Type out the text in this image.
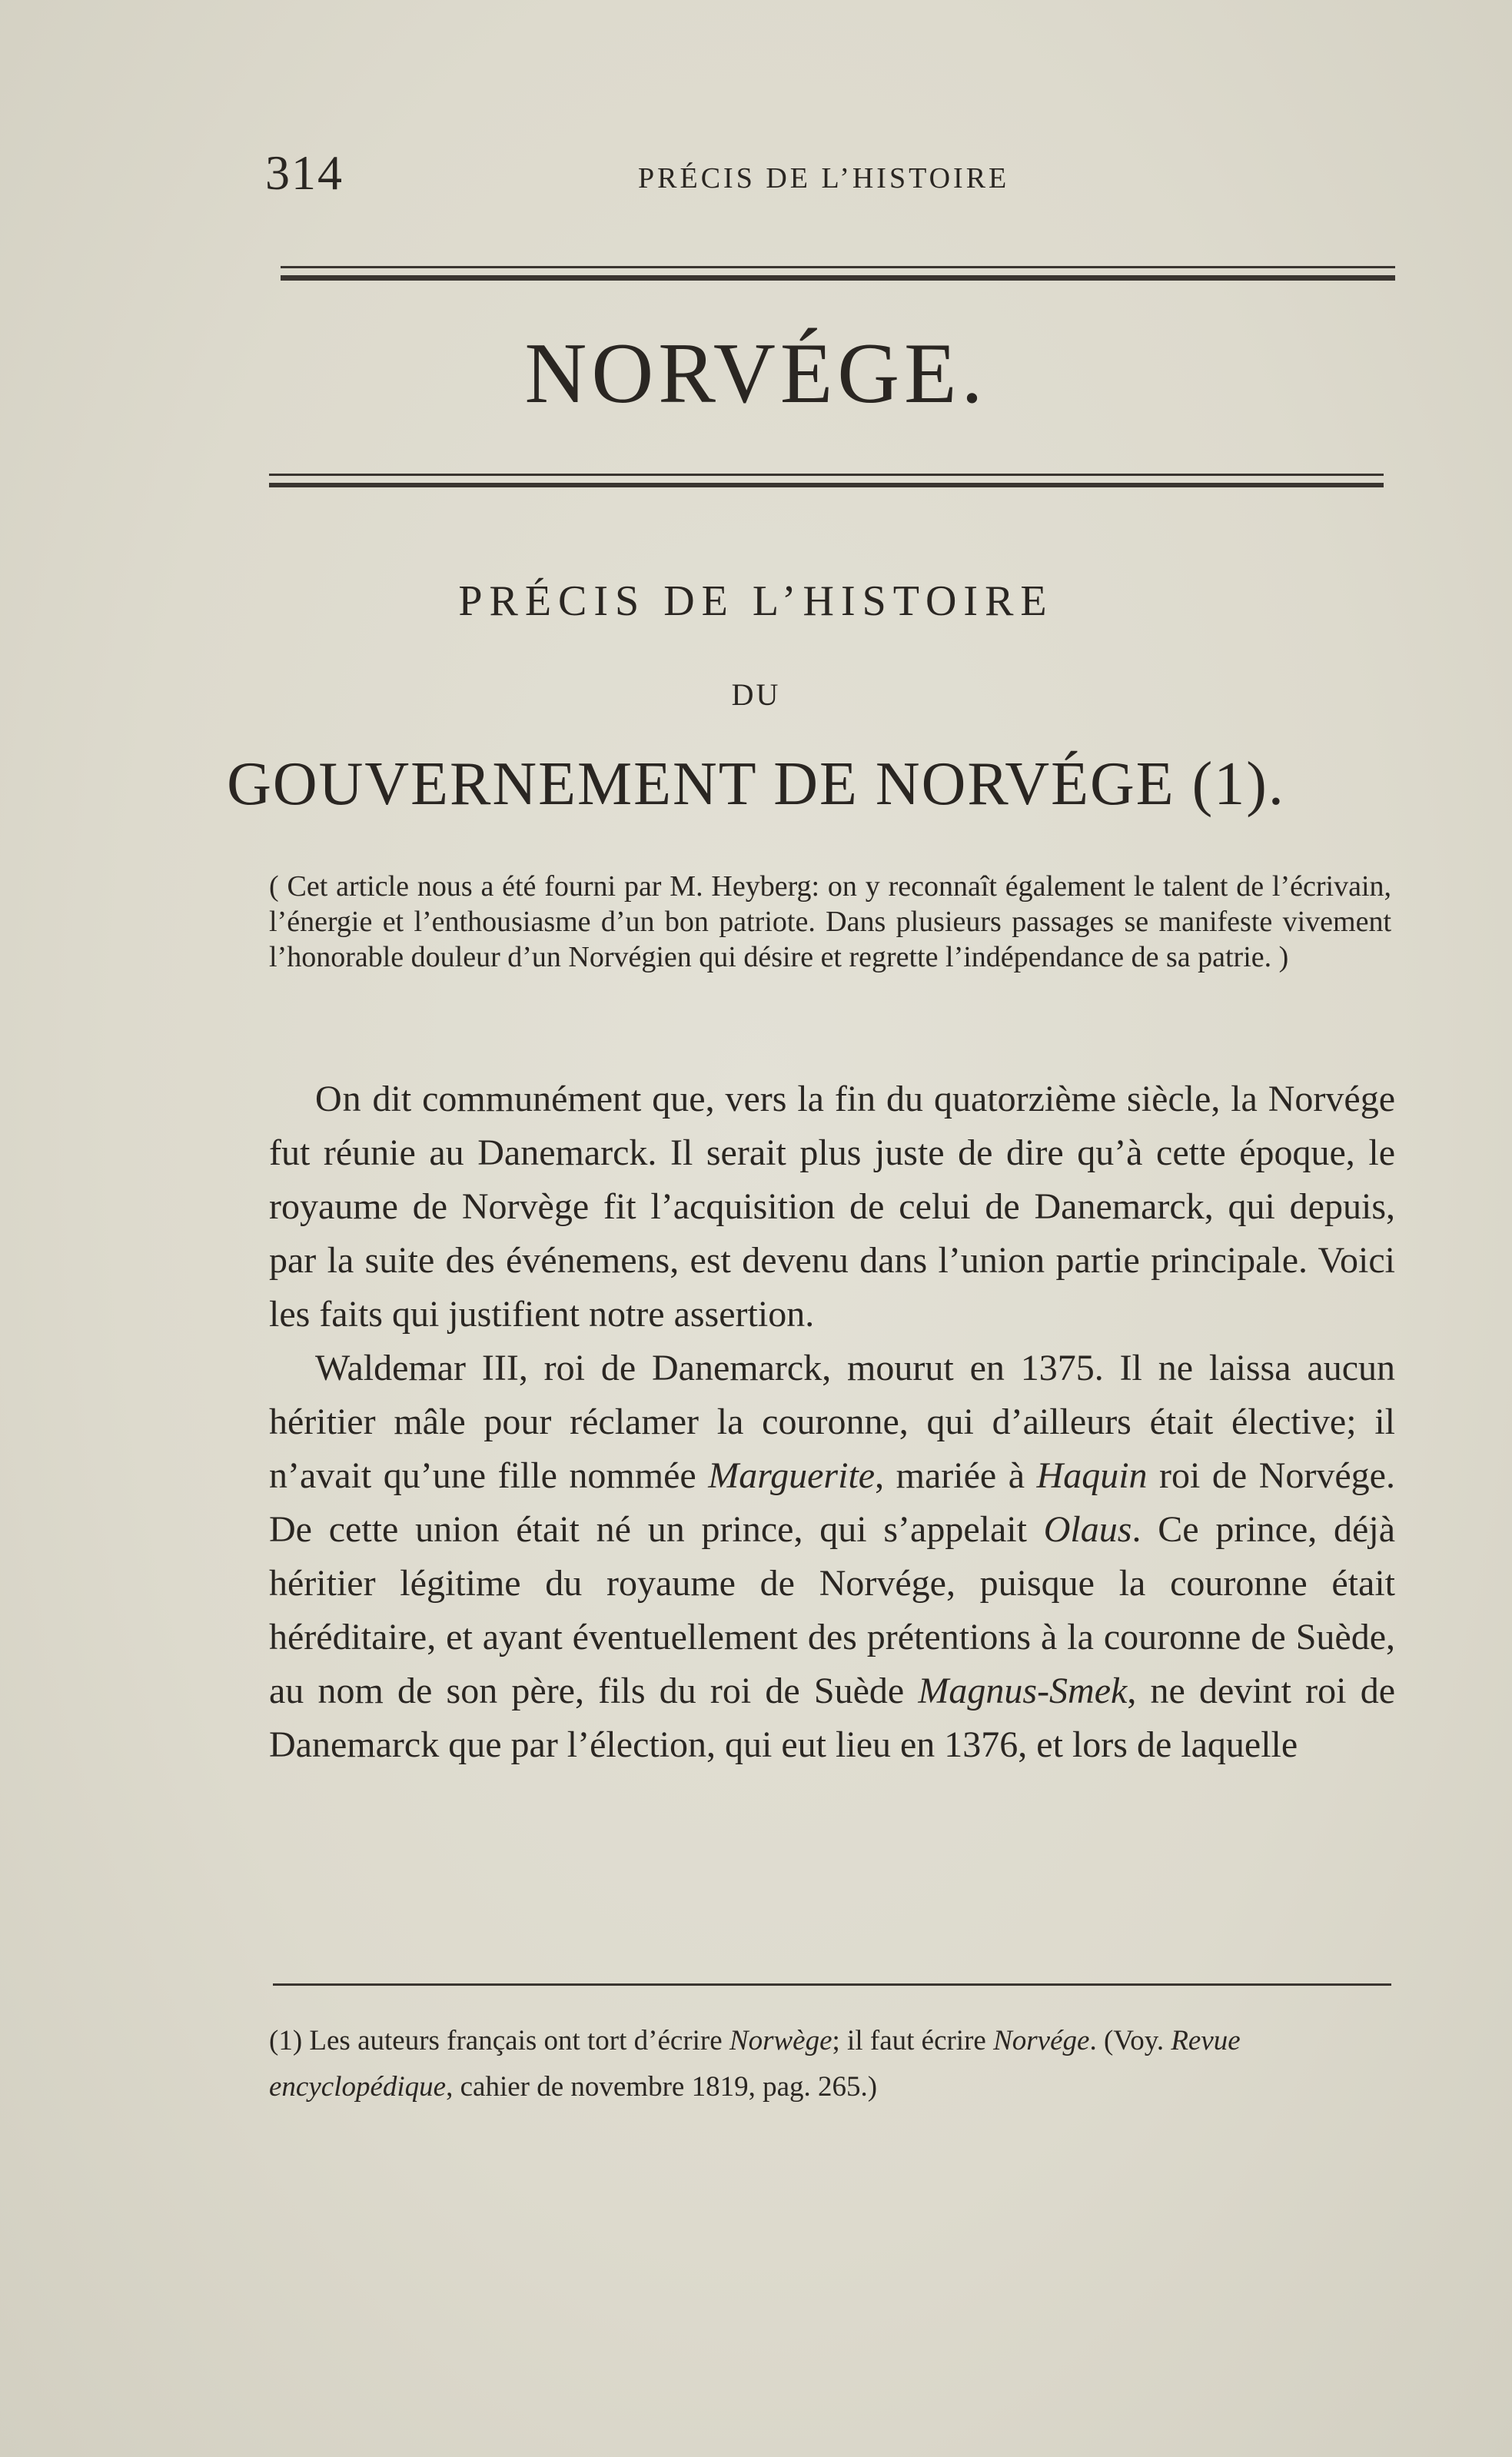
314	PRÉCIS DE L’HISTOIRE
NORVÉGE.
PRÉCIS DE L’HISTOIRE
DU
GOUVERNEMENT DE NORVÉGE (1).
( Cet article nous a été fourni par M. Heyberg: on y reconnaît également le talent de l’écrivain, l’énergie et l’enthousiasme d’un bon patriote. Dans plusieurs passages se manifeste vivement l’honorable douleur d’un Norvégien qui désire et regrette l’indépendance de sa patrie. )

On dit communément que, vers la fin du quatorzième siècle, la Norvége fut réunie au Danemarck. Il serait plus juste de dire qu’à cette époque, le royaume de Norvège fit l’acquisition de celui de Danemarck, qui depuis, par la suite des événemens, est devenu dans l’union partie principale. Voici les faits qui justifient notre assertion.

Waldemar III, roi de Danemarck, mourut en 1375. Il ne laissa aucun héritier mâle pour réclamer la couronne, qui d’ailleurs était élective; il n’avait qu’une fille nommée Marguerite, mariée à Haquin roi de Norvége. De cette union était né un prince, qui s’appelait Olaus. Ce prince, déjà héritier légitime du royaume de Norvége, puisque la couronne était héréditaire, et ayant éventuellement des prétentions à la couronne de Suède, au nom de son père, fils du roi de Suède Magnus-Smek, ne devint roi de Danemarck que par l’élection, qui eut lieu en 1376, et lors de laquelle

(1) Les auteurs français ont tort d’écrire Norwège; il faut écrire Norvége. (Voy. Revue encyclopédique, cahier de novembre 1819, pag. 265.)
